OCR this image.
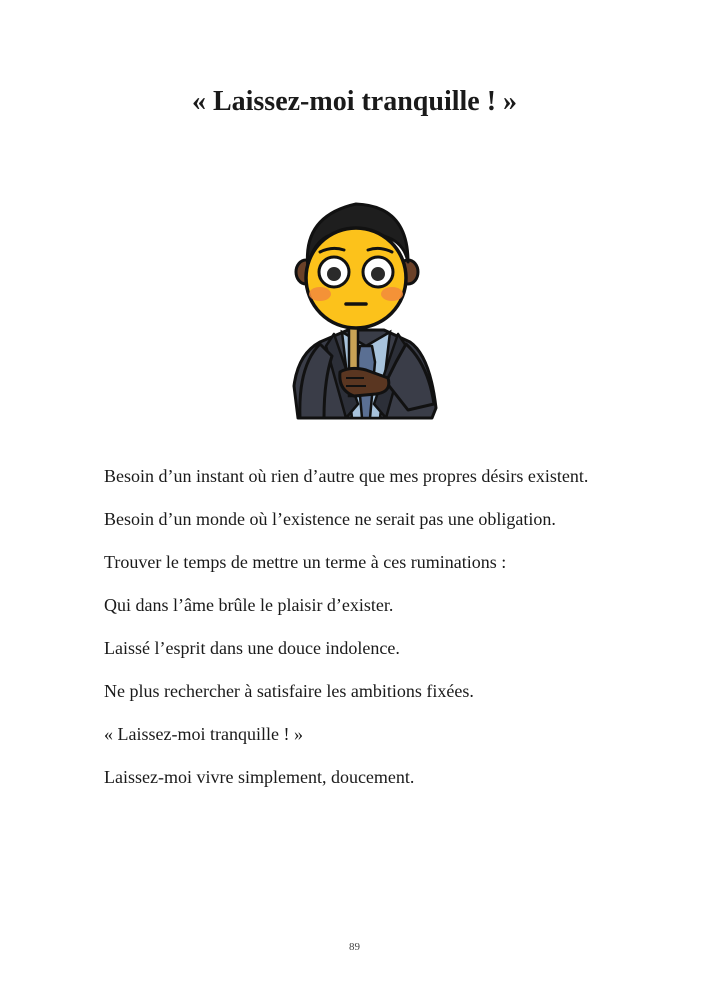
« Laissez-moi tranquille ! »

Besoin d’un instant où rien d’autre que mes propres désirs existent.

Besoin d’un monde où l’existence ne serait pas une obligation.

Trouver le temps de mettre un terme à ces ruminations :

Qui dans l’âme brûle le plaisir d’exister.

Laissé l’esprit dans une douce indolence.

Ne plus rechercher à satisfaire les ambitions fixées.

« Laissez-moi tranquille ! »

Laissez-moi vivre simplement, doucement.

89
